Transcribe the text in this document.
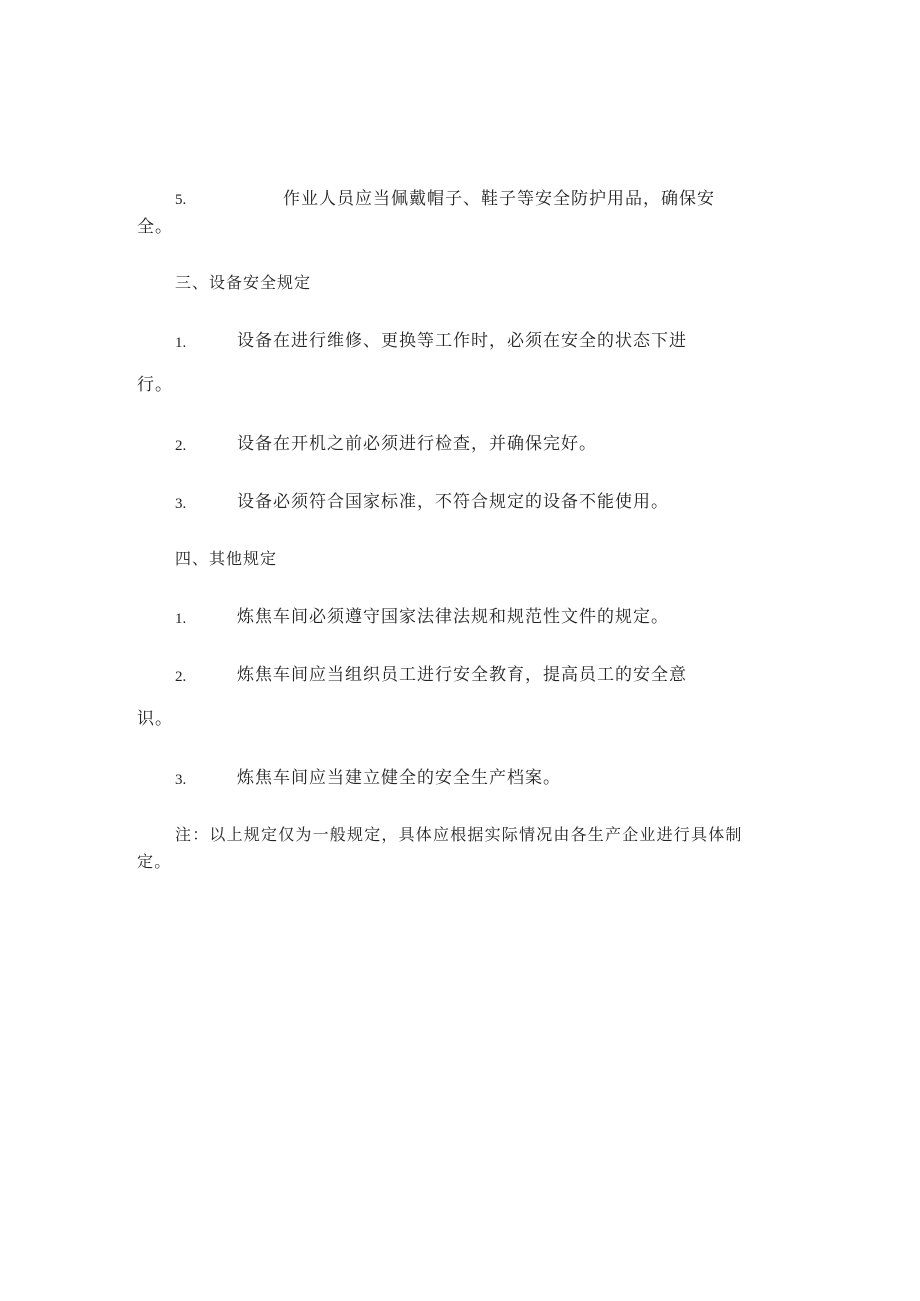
5.	作业人员应当佩戴帽子、鞋子等安全防护用品，确保安
全。
三、设备安全规定
1.	设备在进行维修、更换等工作时，必须在安全的状态下进
行。
2.	设备在开机之前必须进行检查，并确保完好。
3.	设备必须符合国家标准，不符合规定的设备不能使用。
四、其他规定
1.	炼焦车间必须遵守国家法律法规和规范性文件的规定。
2.	炼焦车间应当组织员工进行安全教育，提高员工的安全意
识。
3.	炼焦车间应当建立健全的安全生产档案。
注：以上规定仅为一般规定，具体应根据实际情况由各生产企业进行具体制
定。
